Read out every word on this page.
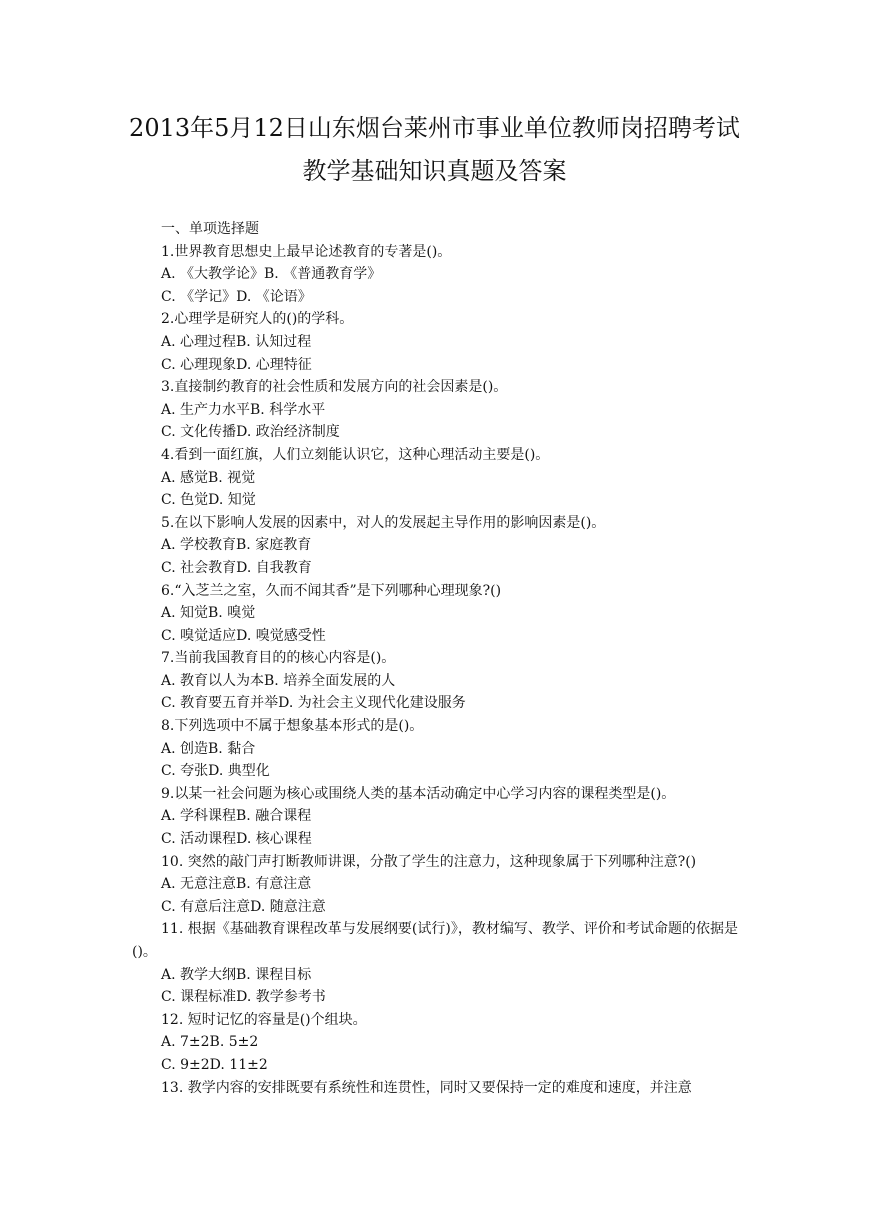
2013年5月12日山东烟台莱州市事业单位教师岗招聘考试
教学基础知识真题及答案
一、单项选择题
1.世界教育思想史上最早论述教育的专著是()。
A. 《大教学论》B. 《普通教育学》
C. 《学记》D. 《论语》
2.心理学是研究人的()的学科。
A. 心理过程B. 认知过程
C. 心理现象D. 心理特征
3.直接制约教育的社会性质和发展方向的社会因素是()。
A. 生产力水平B. 科学水平
C. 文化传播D. 政治经济制度
4.看到一面红旗，人们立刻能认识它，这种心理活动主要是()。
A. 感觉B. 视觉
C. 色觉D. 知觉
5.在以下影响人发展的因素中，对人的发展起主导作用的影响因素是()。
A. 学校教育B. 家庭教育
C. 社会教育D. 自我教育
6.“入芝兰之室，久而不闻其香”是下列哪种心理现象?()
A. 知觉B. 嗅觉
C. 嗅觉适应D. 嗅觉感受性
7.当前我国教育目的的核心内容是()。
A. 教育以人为本B. 培养全面发展的人
C. 教育要五育并举D. 为社会主义现代化建设服务
8.下列选项中不属于想象基本形式的是()。
A. 创造B. 黏合
C. 夸张D. 典型化
9.以某一社会问题为核心或围绕人类的基本活动确定中心学习内容的课程类型是()。
A. 学科课程B. 融合课程
C. 活动课程D. 核心课程
10. 突然的敲门声打断教师讲课，分散了学生的注意力，这种现象属于下列哪种注意?()
A. 无意注意B. 有意注意
C. 有意后注意D. 随意注意
11. 根据《基础教育课程改革与发展纲要(试行)》，教材编写、教学、评价和考试命题的依据是()。
A. 教学大纲B. 课程目标
C. 课程标准D. 教学参考书
12. 短时记忆的容量是()个组块。
A. 7±2B. 5±2
C. 9±2D. 11±2
13. 教学内容的安排既要有系统性和连贯性，同时又要保持一定的难度和速度，并注意
